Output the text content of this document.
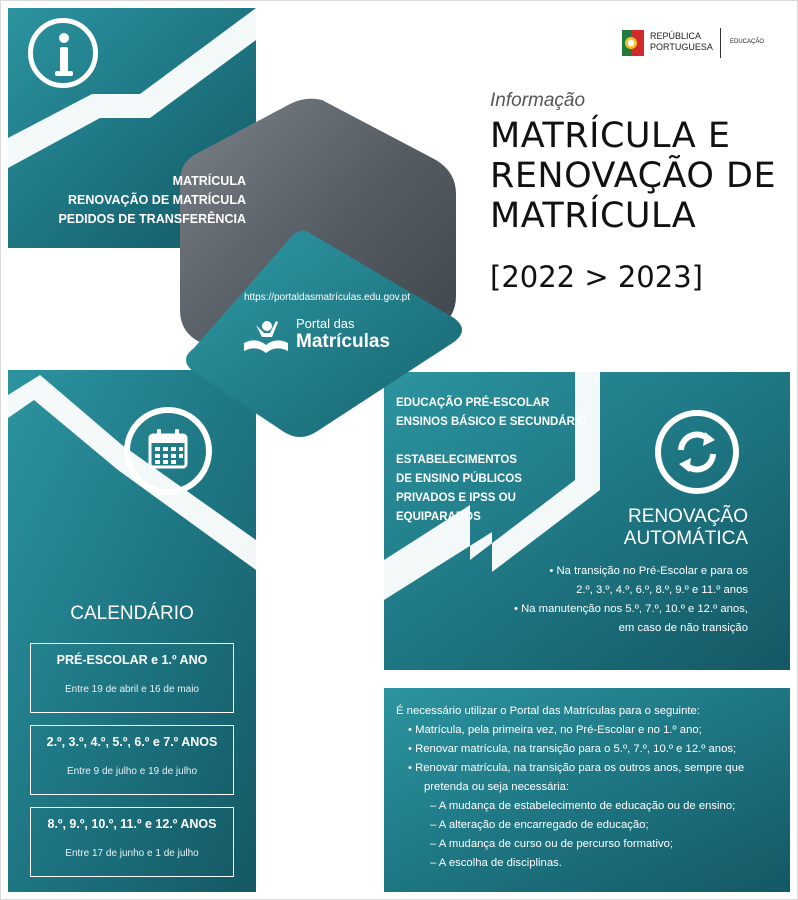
MATRÍCULA
RENOVAÇÃO DE MATRÍCULA
PEDIDOS DE TRANSFERÊNCIA
REPÚBLICA
PORTUGUESA	EDUCAÇÃO
Informação
MATRÍCULA E
RENOVAÇÃO DE
MATRÍCULA
[2022 > 2023]
https://portaldasmatrículas.edu.gov.pt
Portal das
Matrículas
EDUCAÇÃO PRÉ-ESCOLAR
ENSINOS BÁSICO E SECUNDÁRIO
ESTABELECIMENTOS
DE ENSINO PÚBLICOS
PRIVADOS E IPSS OU
EQUIPARADOS	RENOVAÇÃO
AUTOMÁTICA
• Na transição no Pré-Escolar e para os
2.º, 3.º, 4.º, 6.º, 8.º, 9.º e 11.º anos
• Na manutenção nos 5.º, 7.º, 10.º e 12.º anos,
em caso de não transição
CALENDÁRIO
PRÉ-ESCOLAR e 1.º ANO
Entre 19 de abril e 16 de maio
2.º, 3.º, 4.º, 5.º, 6.º e 7.º ANOS
Entre 9 de julho e 19 de julho
8.º, 9.º, 10.º, 11.º e 12.º ANOS
Entre 17 de junho e 1 de julho
É necessário utilizar o Portal das Matrículas para o seguinte:
• Matrícula, pela primeira vez, no Pré-Escolar e no 1.º ano;
• Renovar matrícula, na transição para o 5.º, 7.º, 10.º e 12.º anos;
• Renovar matrícula, na transição para os outros anos, sempre que
pretenda ou seja necessária:
– A mudança de estabelecimento de educação ou de ensino;
– A alteração de encarregado de educação;
– A mudança de curso ou de percurso formativo;
– A escolha de disciplinas.
